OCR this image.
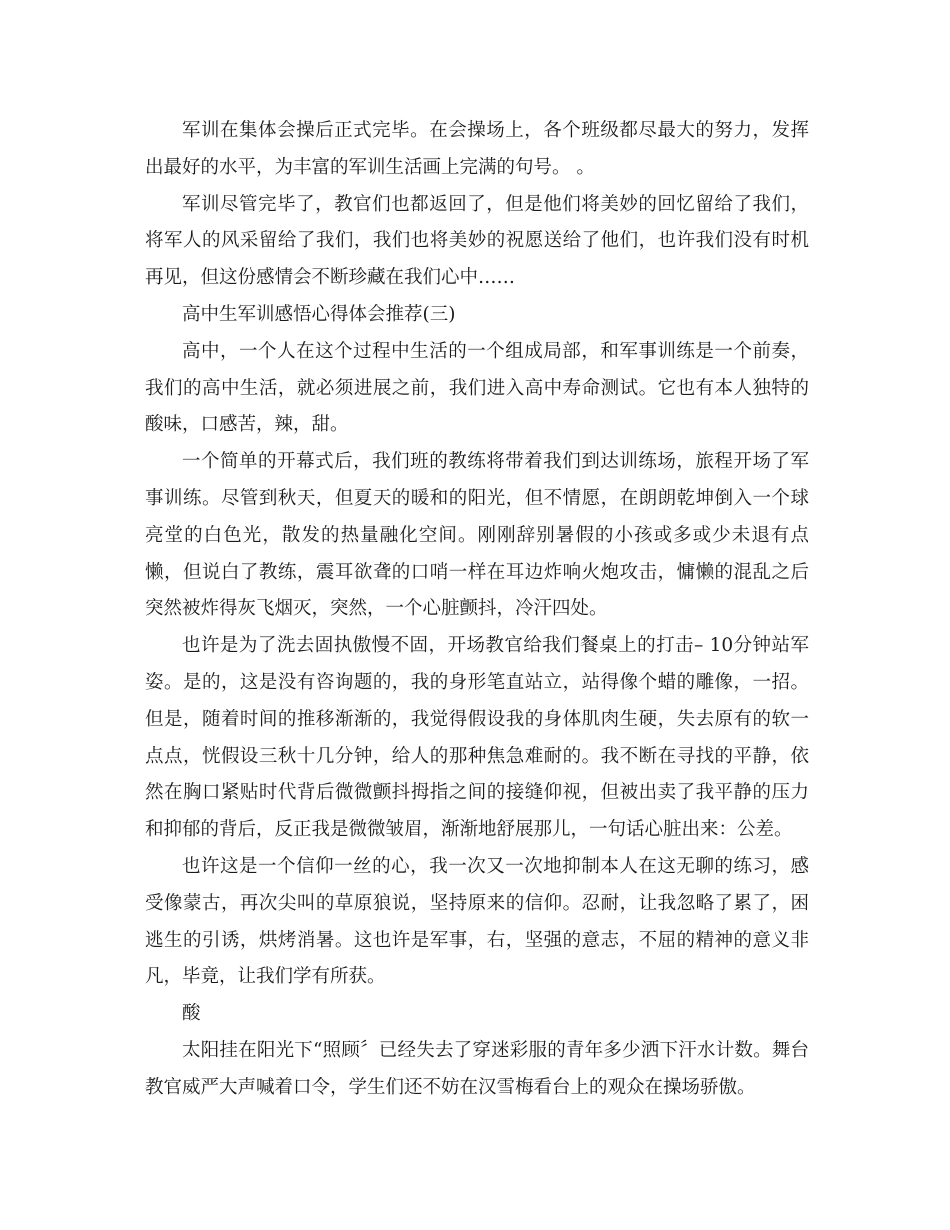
军训在集体会操后正式完毕。在会操场上，各个班级都尽最大的努力，发挥出最好的水平，为丰富的军训生活画上完满的句号。 。

军训尽管完毕了，教官们也都返回了，但是他们将美妙的回忆留给了我们，将军人的风采留给了我们，我们也将美妙的祝愿送给了他们，也许我们没有时机再见，但这份感情会不断珍藏在我们心中……

高中生军训感悟心得体会推荐(三)

高中，一个人在这个过程中生活的一个组成局部，和军事训练是一个前奏，我们的高中生活，就必须进展之前，我们进入高中寿命测试。它也有本人独特的酸味，口感苦，辣，甜。

一个简单的开幕式后，我们班的教练将带着我们到达训练场，旅程开场了军事训练。尽管到秋天，但夏天的暖和的阳光，但不情愿，在朗朗乾坤倒入一个球亮堂的白色光，散发的热量融化空间。刚刚辞别暑假的小孩或多或少未退有点懒，但说白了教练，震耳欲聋的口哨一样在耳边炸响火炮攻击，慵懒的混乱之后突然被炸得灰飞烟灭，突然，一个心脏颤抖，冷汗四处。

也许是为了洗去固执傲慢不固，开场教官给我们餐桌上的打击– 10分钟站军姿。是的，这是没有咨询题的，我的身形笔直站立，站得像个蜡的雕像，一招。但是，随着时间的推移渐渐的，我觉得假设我的身体肌肉生硬，失去原有的软一点点，恍假设三秋十几分钟，给人的那种焦急难耐的。我不断在寻找的平静，依然在胸口紧贴时代背后微微颤抖拇指之间的接缝仰视，但被出卖了我平静的压力和抑郁的背后，反正我是微微皱眉，渐渐地舒展那儿，一句话心脏出来：公差。

也许这是一个信仰一丝的心，我一次又一次地抑制本人在这无聊的练习，感受像蒙古，再次尖叫的草原狼说，坚持原来的信仰。忍耐，让我忽略了累了，困逃生的引诱，烘烤消暑。这也许是军事，右，坚强的意志，不屈的精神的意义非凡，毕竟，让我们学有所获。

酸

太阳挂在阳光下“照顾〞已经失去了穿迷彩服的青年多少洒下汗水计数。舞台教官威严大声喊着口令，学生们还不妨在汉雪梅看台上的观众在操场骄傲。
